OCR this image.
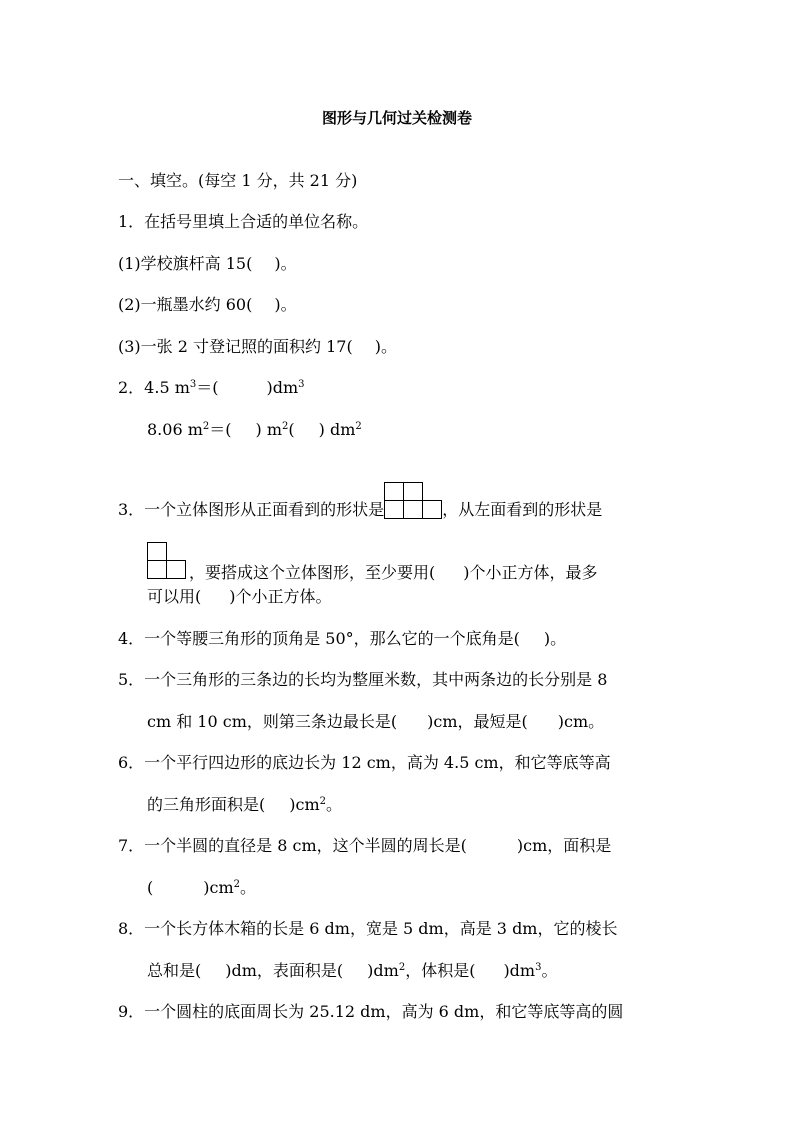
图形与几何过关检测卷
一、填空。(每空 1 分，共 21 分)
1．在括号里填上合适的单位名称。
(1)学校旗杆高 15( )。
(2)一瓶墨水约 60( )。
(3)一张 2 寸登记照的面积约 17( )。
2．4.5 $m^3=$(	)$dm^3$
8.06 $m^2=$( ) $m^2$( ) $dm^2$
3．一个立体图形从正面看到的形状是	，从左面看到的形状是
，要搭成这个立体图形，至少要用( )个小正方体，最多
可以用( )个小正方体。
4．一个等腰三角形的顶角是 50°，那么它的一个底角是( )。
5．一个三角形的三条边的长均为整厘米数，其中两条边的长分别是 8
cm 和 10 cm，则第三条边最长是( )cm，最短是( )cm。
6．一个平行四边形的底边长为 12 cm，高为 4.5 cm，和它等底等高
的三角形面积是( )$cm^2$。
7．一个半圆的直径是 8 cm，这个半圆的周长是(	)cm，面积是
(	)$cm^2$。
8．一个长方体木箱的长是 6 dm，宽是 5 dm，高是 3 dm，它的棱长
总和是( )dm，表面积是( )$dm^2$，体积是( )$dm^3$。
9．一个圆柱的底面周长为 25.12 dm，高为 6 dm，和它等底等高的圆
